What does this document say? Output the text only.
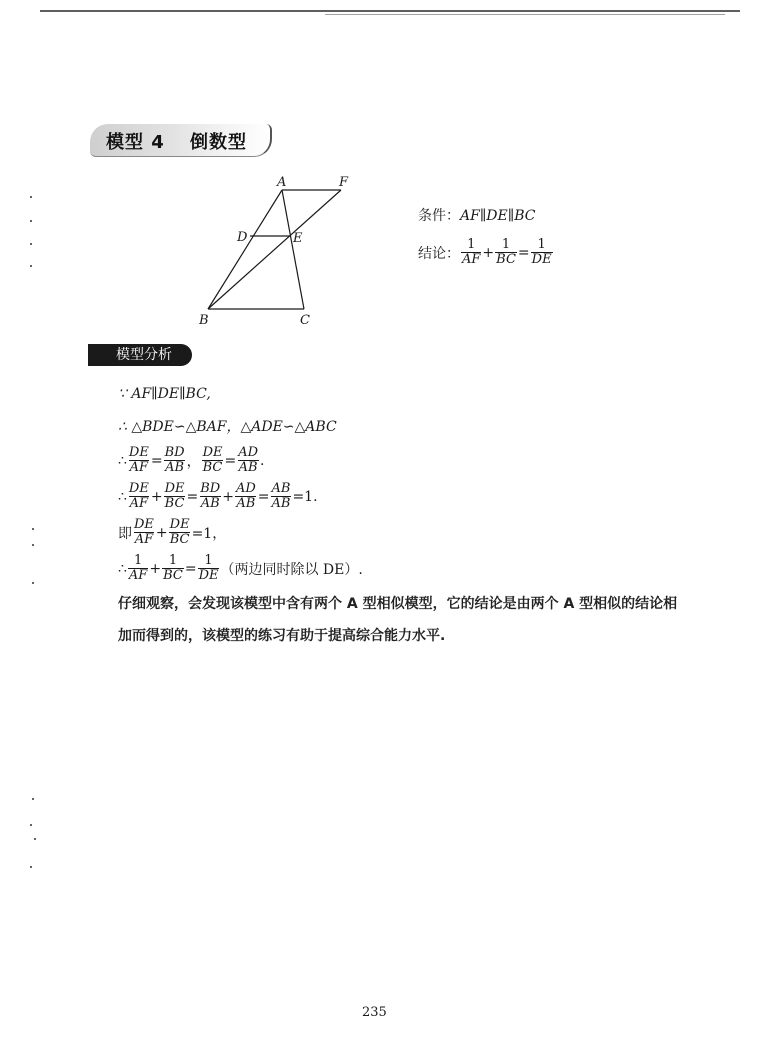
模型 4 倒数型
A	F
D	E
B	C
条件：AF∥DE∥BC
结论： $\frac{1}{AF} + \frac{1}{BC} = \frac{1}{DE}$
模型分析
∵ AF∥DE∥BC,
∴ △BDE∽△BAF，△ADE∽△ABC
∴ $\frac{DE}{AF} = \frac{BD}{AB}$ ， $\frac{DE}{BC} = \frac{AD}{AB}$ .
∴ $\frac{DE}{AF} + \frac{DE}{BC} = \frac{BD}{AB} + \frac{AD}{AB} = \frac{AB}{AB} =1$.
即 $\frac{DE}{AF} + \frac{DE}{BC} =1$，
∴ $\frac{1}{AF} + \frac{1}{BC} = \frac{1}{DE}$ （两边同时除以 DE）.
仔细观察，会发现该模型中含有两个 A 型相似模型，它的结论是由两个 A 型相似的结论相加而得到的，该模型的练习有助于提高综合能力水平.
235
